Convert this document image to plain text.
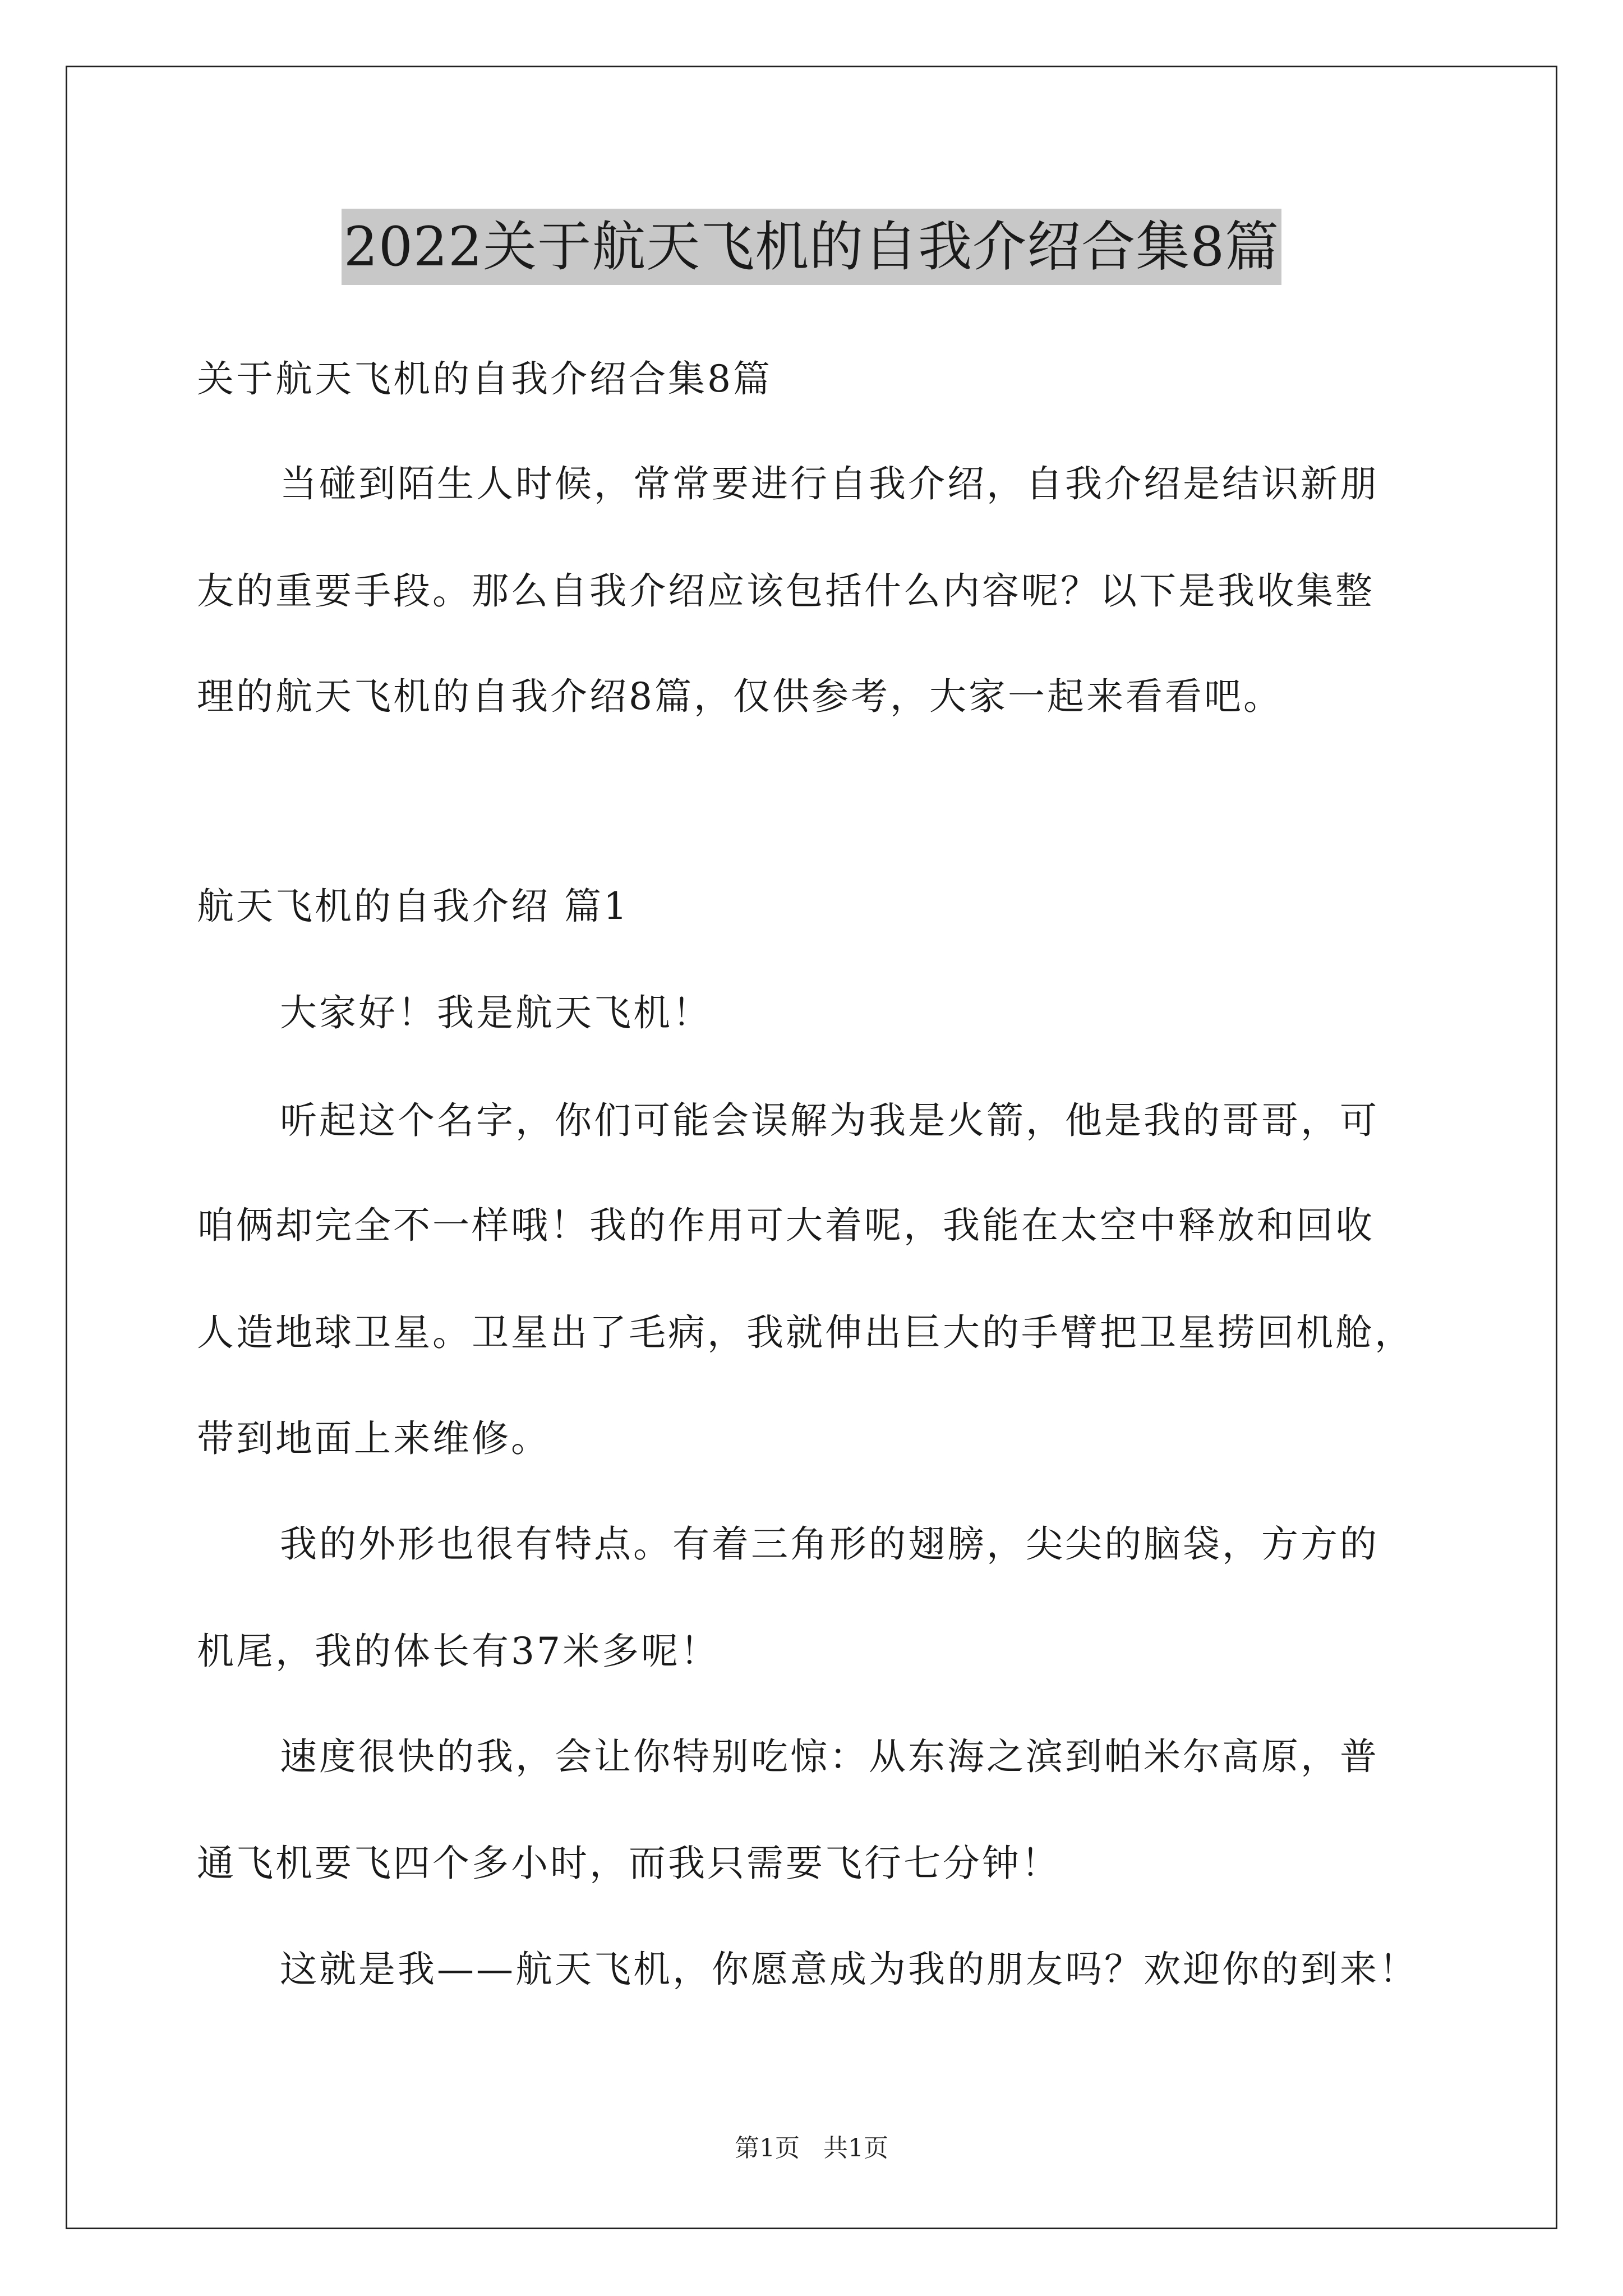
2022关于航天飞机的自我介绍合集8篇
关于航天飞机的自我介绍合集8篇
当碰到陌生人时候，常常要进行自我介绍，自我介绍是结识新朋
友的重要手段。那么自我介绍应该包括什么内容呢？以下是我收集整
理的航天飞机的自我介绍8篇，仅供参考，大家一起来看看吧。
航天飞机的自我介绍 篇1
大家好！我是航天飞机！
听起这个名字，你们可能会误解为我是火箭，他是我的哥哥，可
咱俩却完全不一样哦！我的作用可大着呢，我能在太空中释放和回收
人造地球卫星。卫星出了毛病，我就伸出巨大的手臂把卫星捞回机舱，
带到地面上来维修。
我的外形也很有特点。有着三角形的翅膀，尖尖的脑袋，方方的
机尾，我的体长有37米多呢！
速度很快的我，会让你特别吃惊：从东海之滨到帕米尔高原，普
通飞机要飞四个多小时，而我只需要飞行七分钟！
这就是我——航天飞机，你愿意成为我的朋友吗？欢迎你的到来！
第1页 共1页
